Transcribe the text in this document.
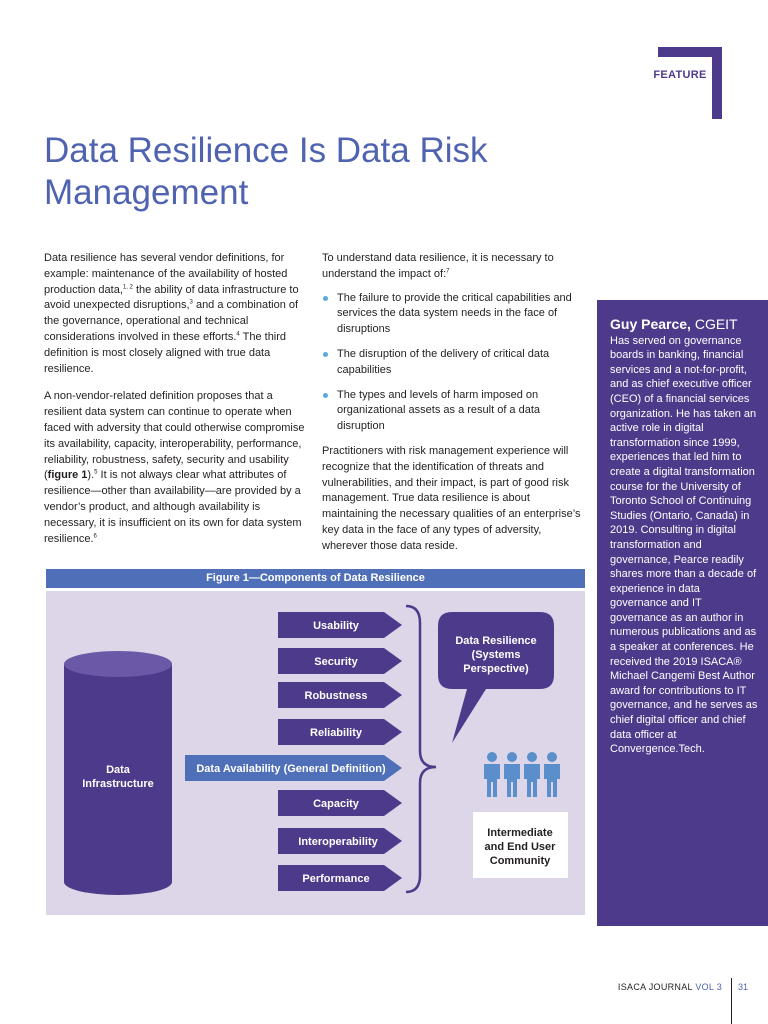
FEATURE
Data Resilience Is Data Risk Management

Data resilience has several vendor definitions, for example: maintenance of the availability of hosted production data,$^{1, 2}$ the ability of data infrastructure to avoid unexpected disruptions,$^3$ and a combination of the governance, operational and technical considerations involved in these efforts.$^4$ The third definition is most closely aligned with true data resilience.

A non-vendor-related definition proposes that a resilient data system can continue to operate when faced with adversity that could otherwise compromise its availability, capacity, interoperability, performance, reliability, robustness, safety, security and usability (figure 1).$^5$ It is not always clear what attributes of resilience—other than availability—are provided by a vendor’s product, and although availability is necessary, it is insufficient on its own for data system resilience.$^6$

To understand data resilience, it is necessary to understand the impact of:$^7$

The failure to provide the critical capabilities and services the data system needs in the face of disruptions
The disruption of the delivery of critical data capabilities
The types and levels of harm imposed on organizational assets as a result of a data disruption

Practitioners with risk management experience will recognize that the identification of threats and vulnerabilities, and their impact, is part of good risk management. True data resilience is about maintaining the necessary qualities of an enterprise’s key data in the face of any types of adversity, wherever those data reside.

Guy Pearce, CGEIT
Has served on governance boards in banking, financial services and a not-for-profit, and as chief executive officer (CEO) of a financial services organization. He has taken an active role in digital transformation since 1999, experiences that led him to create a digital transformation course for the University of Toronto School of Continuing Studies (Ontario, Canada) in 2019. Consulting in digital transformation and governance, Pearce readily shares more than a decade of experience in data governance and IT governance as an author in numerous publications and as a speaker at conferences. He received the 2019 ISACA® Michael Cangemi Best Author award for contributions to IT governance, and he serves as chief digital officer and chief data officer at Convergence.Tech.
Figure 1—Components of Data Resilience
Data
Infrastructure
Usability
Security
Robustness
Reliability
Data Availability (General Definition)
Capacity
Interoperability
Performance
Data Resilience
(Systems
Perspective)
Intermediate
and End User
Community
ISACA JOURNAL VOL 3 31
